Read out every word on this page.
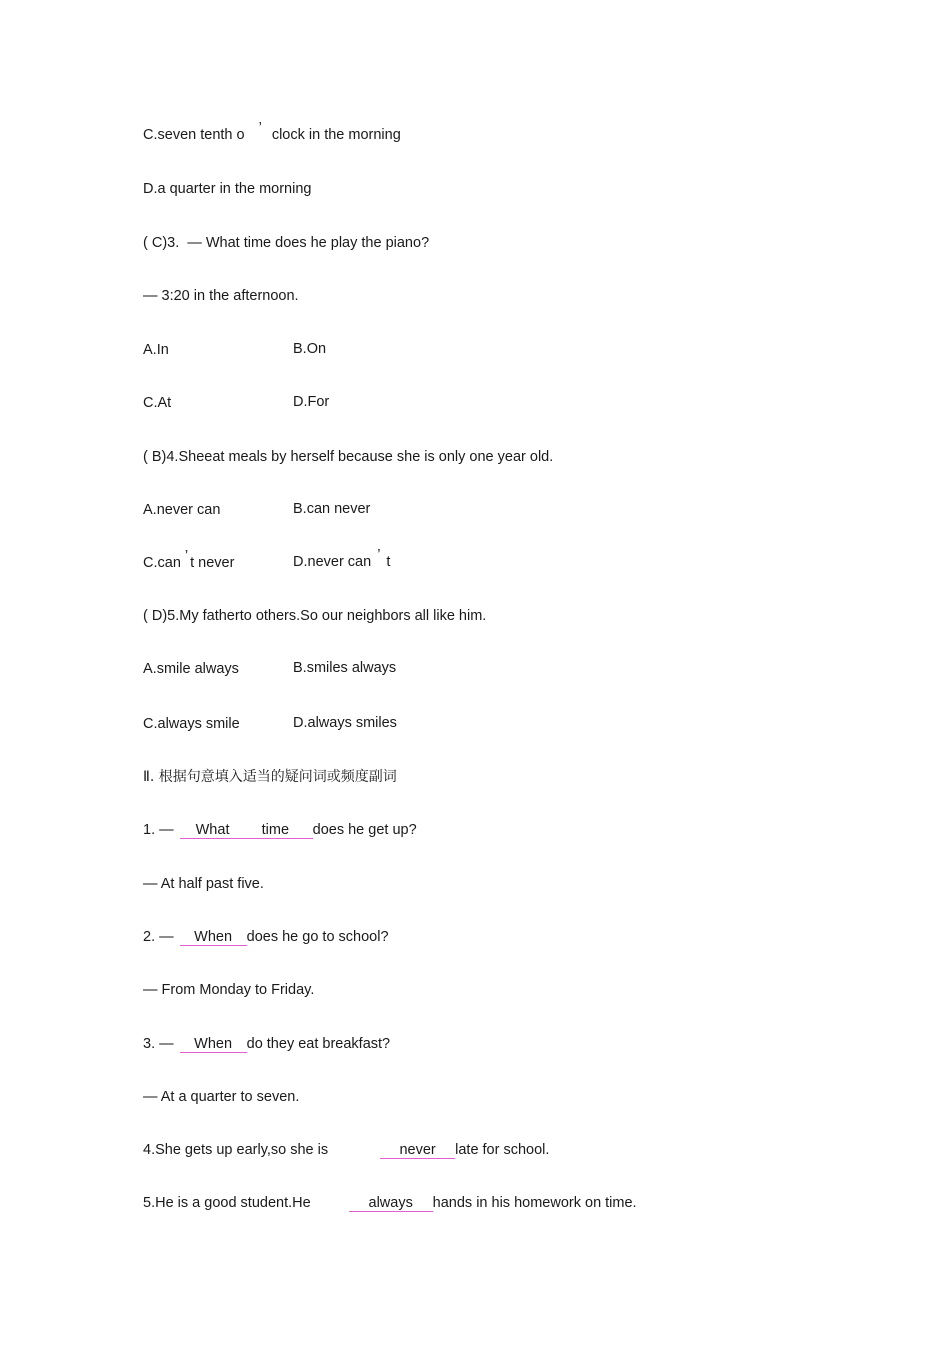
C.seven tenth o ’ clock in the morning
D.a quarter in the morning
( C)3.  — What time does he play the piano?
— 3:20 in the afternoon.
A.In	B.On
C.At	D.For
( B)4.Sheeat meals by herself because she is only one year old.
A.never can	B.can never
C.can ’ t never	D.never can ’ t
( D)5.My fatherto others.So our neighbors all like him.
A.smile always	B.smiles always
C.always smile	D.always smiles
Ⅱ. 根据句意填入适当的疑问词或频度副词
1. — What time does he get up?
— At half past five.
2. — When does he go to school?
— From Monday to Friday.
3. — When do they eat breakfast?
— At a quarter to seven.
4.She gets up early,so she is	never late for school.
5.He is a good student.He	always hands in his homework on time.
